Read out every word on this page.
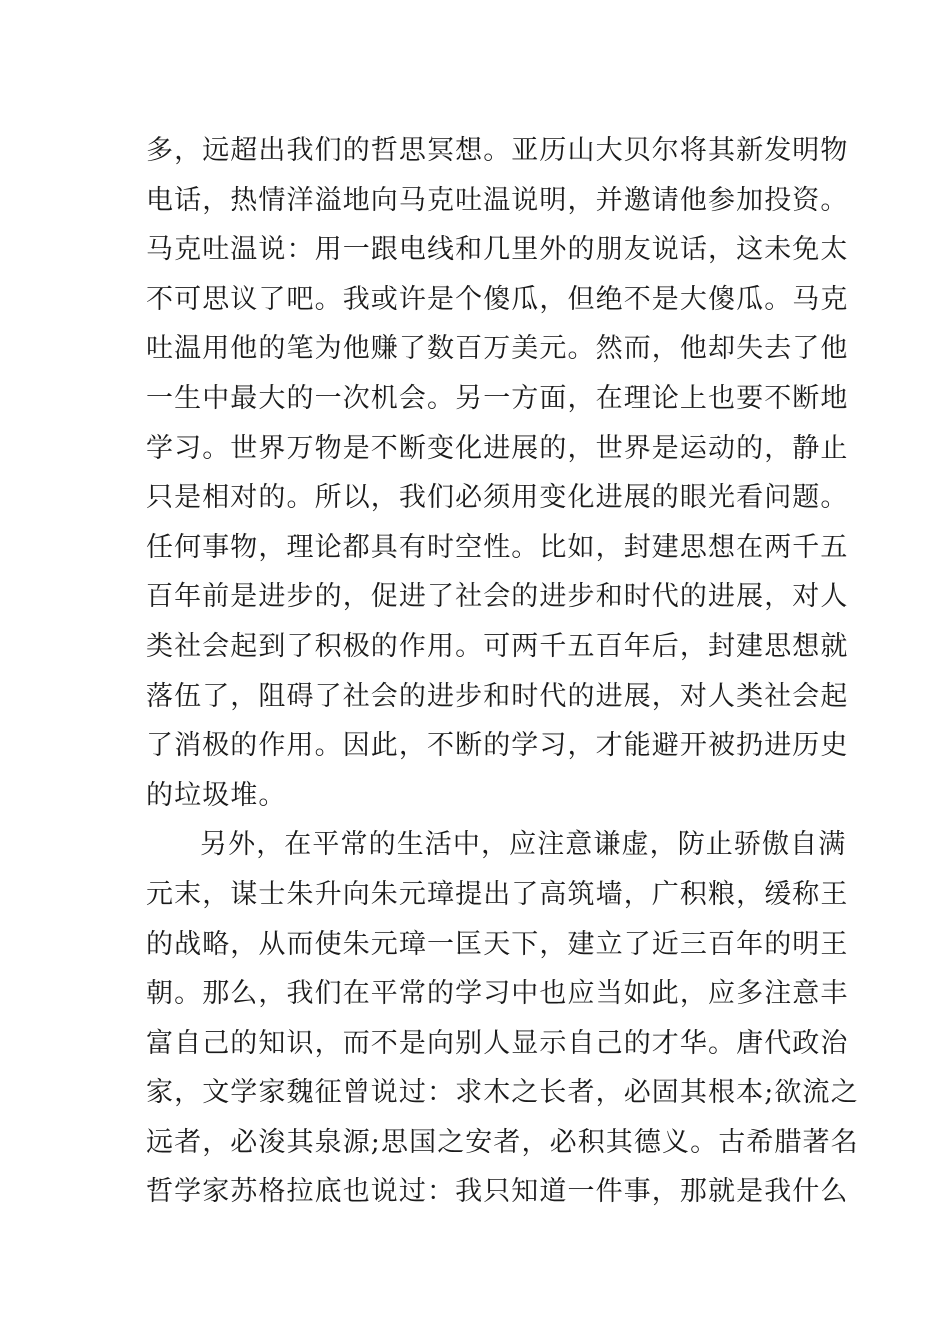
多，远超出我们的哲思冥想。亚历山大贝尔将其新发明物
电话，热情洋溢地向马克吐温说明，并邀请他参加投资。
马克吐温说：用一跟电线和几里外的朋友说话，这未免太
不可思议了吧。我或许是个傻瓜，但绝不是大傻瓜。马克
吐温用他的笔为他赚了数百万美元。然而，他却失去了他
一生中最大的一次机会。另一方面，在理论上也要不断地
学习。世界万物是不断变化进展的，世界是运动的，静止
只是相对的。所以，我们必须用变化进展的眼光看问题。
任何事物，理论都具有时空性。比如，封建思想在两千五
百年前是进步的，促进了社会的进步和时代的进展，对人
类社会起到了积极的作用。可两千五百年后，封建思想就
落伍了，阻碍了社会的进步和时代的进展，对人类社会起
了消极的作用。因此，不断的学习，才能避开被扔进历史
的垃圾堆。
另外，在平常的生活中，应注意谦虚，防止骄傲自满
元末，谋士朱升向朱元璋提出了高筑墙，广积粮，缓称王
的战略，从而使朱元璋一匡天下，建立了近三百年的明王
朝。那么，我们在平常的学习中也应当如此，应多注意丰
富自己的知识，而不是向别人显示自己的才华。唐代政治
家，文学家魏征曾说过：求木之长者，必固其根本;欲流之
远者，必浚其泉源;思国之安者，必积其德义。古希腊著名
哲学家苏格拉底也说过：我只知道一件事，那就是我什么
